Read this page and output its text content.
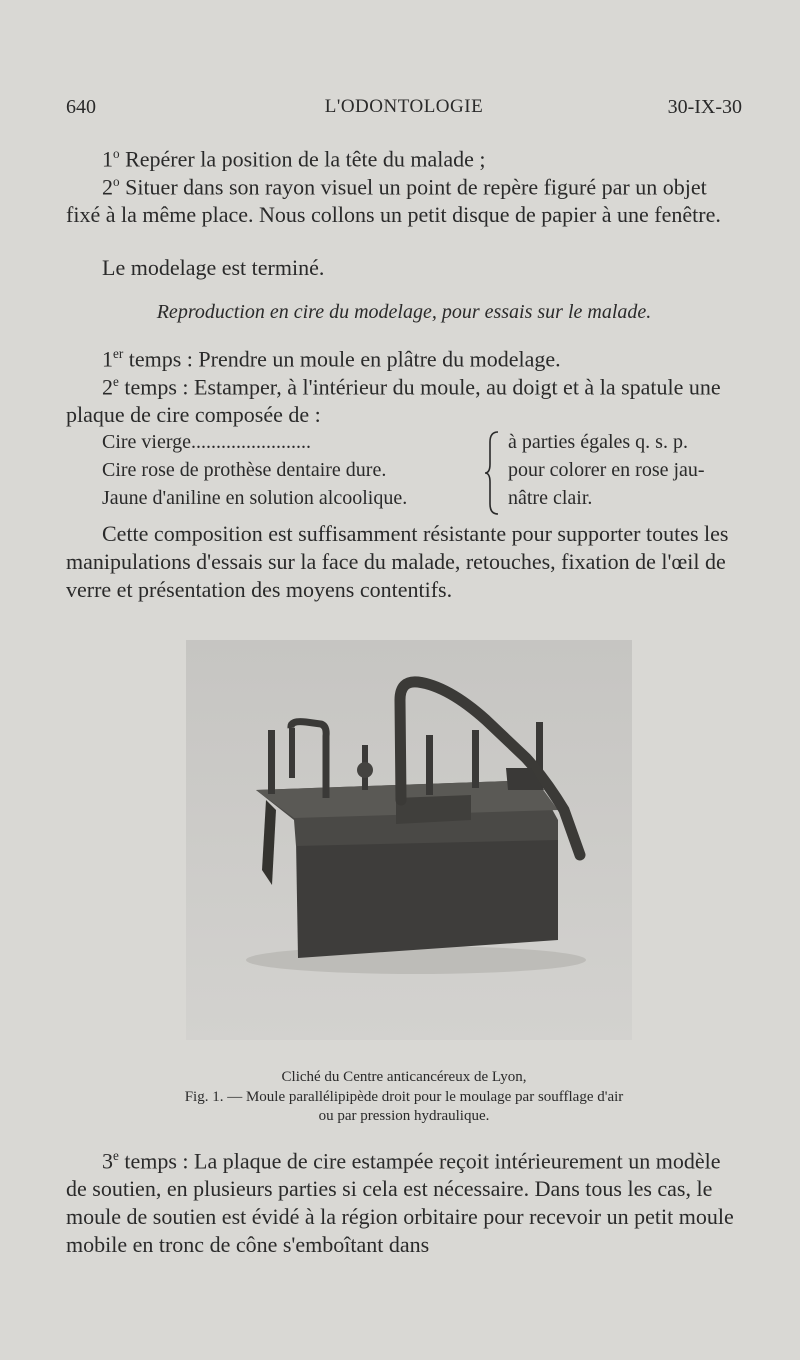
640	L'ODONTOLOGIE	30-IX-30
1$^o$ Repérer la position de la tête du malade ;
2$^o$ Situer dans son rayon visuel un point de repère figuré par un objet fixé à la même place. Nous collons un petit disque de papier à une fenêtre.
Le modelage est terminé.
Reproduction en cire du modelage, pour essais sur le malade.
1er temps : Prendre un moule en plâtre du modelage.
2e temps : Estamper, à l'intérieur du moule, au doigt et à la spatule une plaque de cire composée de :
Cire vierge........................
Cire rose de prothèse dentaire dure.
Jaune d'aniline en solution alcoolique.
à parties égales q. s. p.
pour colorer en rose jau-
nâtre clair.
Cette composition est suffisamment résistante pour supporter toutes les manipulations d'essais sur la face du malade, retouches, fixation de l'œil de verre et présentation des moyens contentifs.
Cliché du Centre anticancéreux de Lyon,
Fig. 1. — Moule parallélipipède droit pour le moulage par soufflage d'air
ou par pression hydraulique.
3e temps : La plaque de cire estampée reçoit intérieurement un modèle de soutien, en plusieurs parties si cela est nécessaire. Dans tous les cas, le moule de soutien est évidé à la région orbitaire pour recevoir un petit moule mobile en tronc de cône s'emboîtant dans
